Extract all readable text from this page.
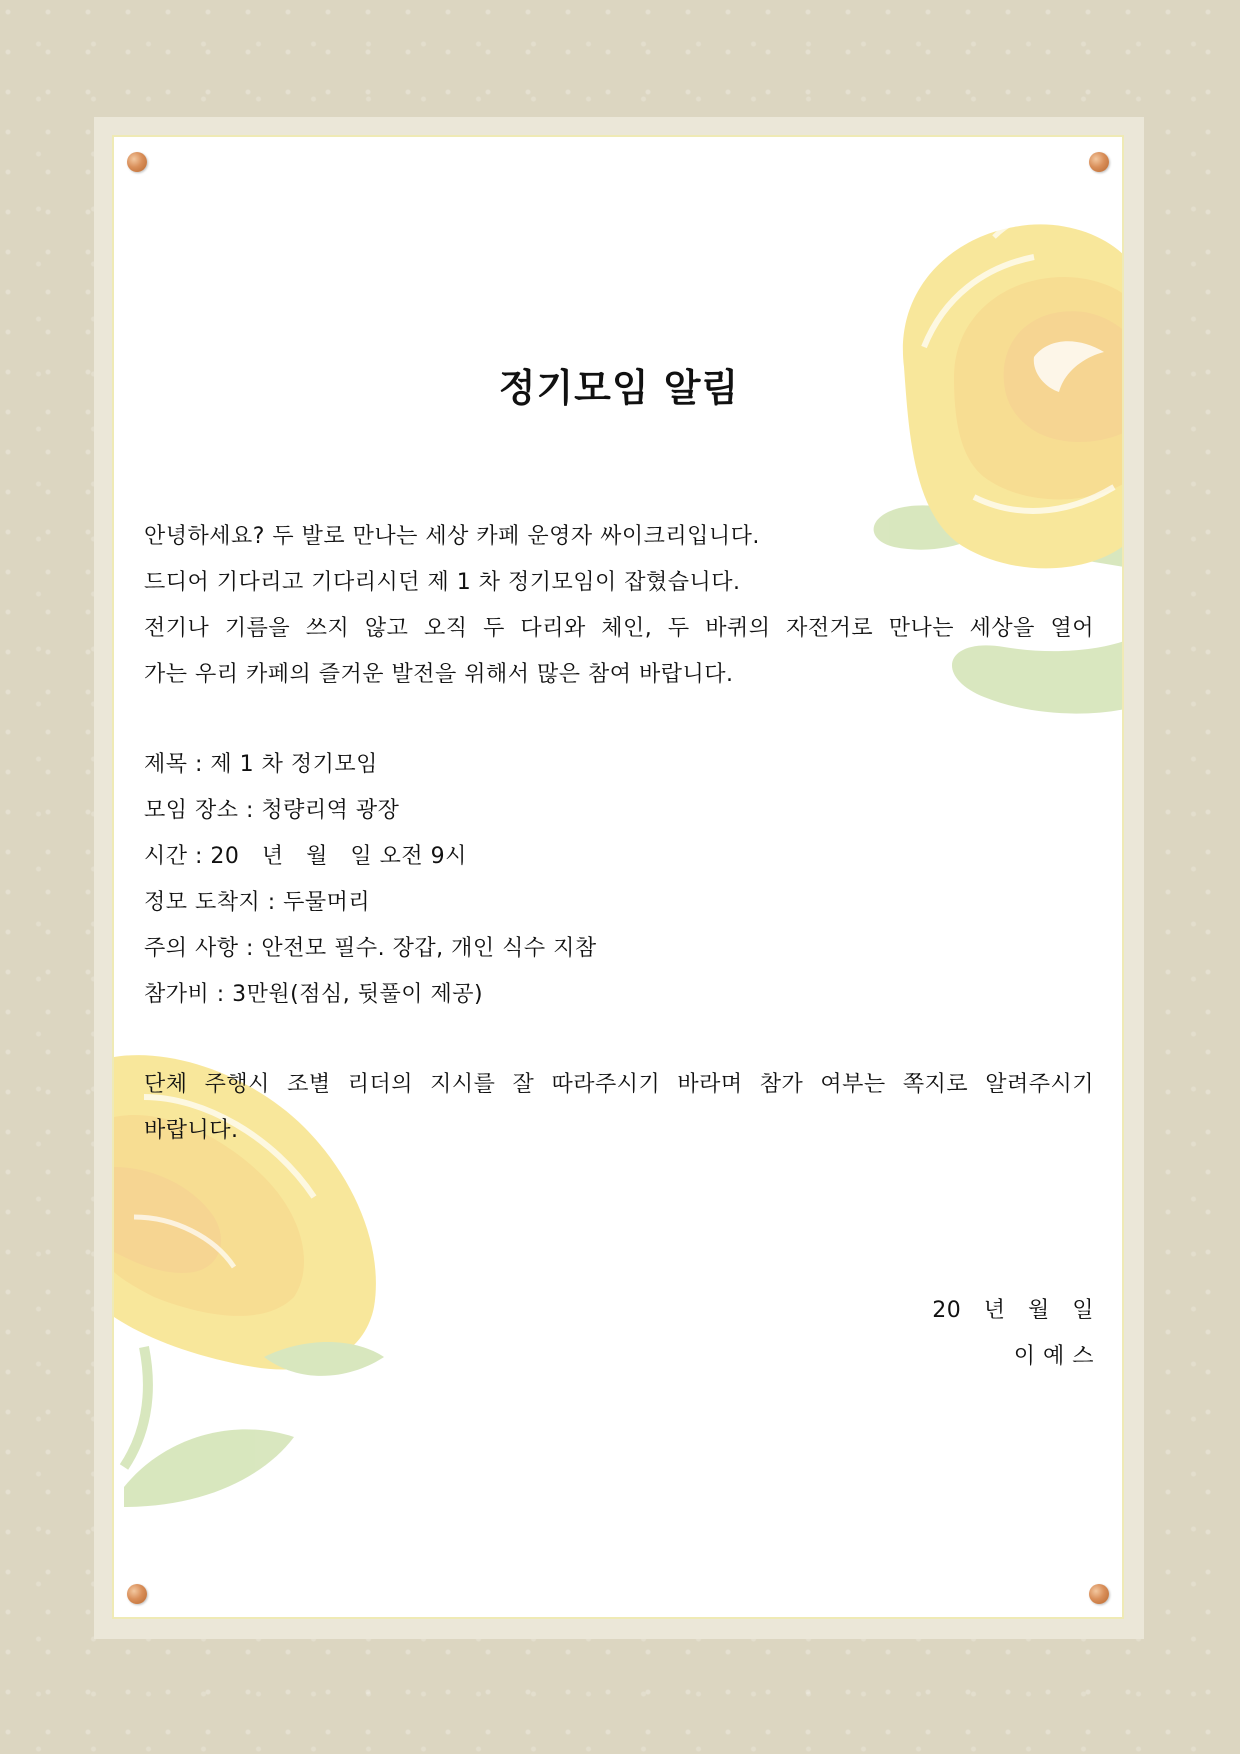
정기모임 알림
안녕하세요? 두 발로 만나는 세상 카페 운영자 싸이크리입니다.
드디어 기다리고 기다리시던 제 1 차 정기모임이 잡혔습니다.
전기나 기름을 쓰지 않고 오직 두 다리와 체인, 두 바퀴의 자전거로 만나는 세상을 열어
가는 우리 카페의 즐거운 발전을 위해서 많은 참여 바랍니다.
제목 : 제 1 차 정기모임
모임 장소 : 청량리역 광장
시간 : 20   년   월   일 오전 9시
정모 도착지 : 두물머리
주의 사항 : 안전모 필수. 장갑, 개인 식수 지참
참가비 : 3만원(점심, 뒷풀이 제공)
단체 주행시 조별 리더의 지시를 잘 따라주시기 바라며 참가 여부는 쪽지로 알려주시기
바랍니다.
20   년   월   일
이 예 스
